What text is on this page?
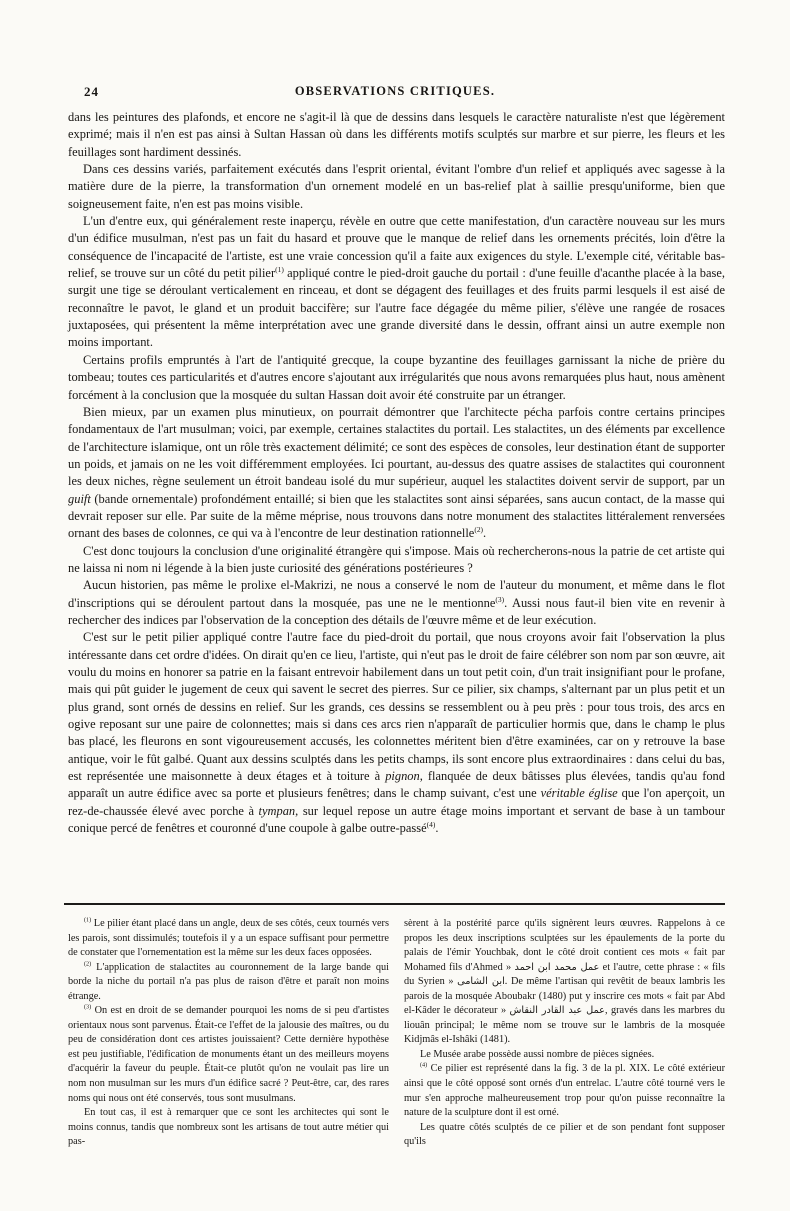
24	OBSERVATIONS CRITIQUES.

dans les peintures des plafonds, et encore ne s'agit-il là que de dessins dans lesquels le caractère naturaliste n'est que légèrement exprimé; mais il n'en est pas ainsi à Sultan Hassan où dans les différents motifs sculptés sur marbre et sur pierre, les fleurs et les feuillages sont hardiment dessinés.

Dans ces dessins variés, parfaitement exécutés dans l'esprit oriental, évitant l'ombre d'un relief et appliqués avec sagesse à la matière dure de la pierre, la transformation d'un ornement modelé en un bas-relief plat à saillie presqu'uniforme, bien que soigneusement faite, n'en est pas moins visible.

L'un d'entre eux, qui généralement reste inaperçu, révèle en outre que cette manifestation, d'un caractère nouveau sur les murs d'un édifice musulman, n'est pas un fait du hasard et prouve que le manque de relief dans les ornements précités, loin d'être la conséquence de l'incapacité de l'artiste, est une vraie concession qu'il a faite aux exigences du style. L'exemple cité, véritable bas-relief, se trouve sur un côté du petit pilier$^{(1)}$ appliqué contre le pied-droit gauche du portail : d'une feuille d'acanthe placée à la base, surgit une tige se déroulant verticalement en rinceau, et dont se dégagent des feuillages et des fruits parmi lesquels il est aisé de reconnaître le pavot, le gland et un produit baccifère; sur l'autre face dégagée du même pilier, s'élève une rangée de rosaces juxtaposées, qui présentent la même interprétation avec une grande diversité dans le dessin, offrant ainsi un autre exemple non moins important.

Certains profils empruntés à l'art de l'antiquité grecque, la coupe byzantine des feuillages garnissant la niche de prière du tombeau; toutes ces particularités et d'autres encore s'ajoutant aux irrégularités que nous avons remarquées plus haut, nous amènent forcément à la conclusion que la mosquée du sultan Hassan doit avoir été construite par un étranger.

Bien mieux, par un examen plus minutieux, on pourrait démontrer que l'architecte pécha parfois contre certains principes fondamentaux de l'art musulman; voici, par exemple, certaines stalactites du portail. Les stalactites, un des éléments par excellence de l'architecture islamique, ont un rôle très exactement délimité; ce sont des espèces de consoles, leur destination étant de supporter un poids, et jamais on ne les voit différemment employées. Ici pourtant, au-dessus des quatre assises de stalactites qui couronnent les deux niches, règne seulement un étroit bandeau isolé du mur supérieur, auquel les stalactites doivent servir de support, par un guift (bande ornementale) profondément entaillé; si bien que les stalactites sont ainsi séparées, sans aucun contact, de la masse qui devrait reposer sur elle. Par suite de la même méprise, nous trouvons dans notre monument des stalactites littéralement renversées ornant des bases de colonnes, ce qui va à l'encontre de leur destination rationnelle$^{(2)}$.

C'est donc toujours la conclusion d'une originalité étrangère qui s'impose. Mais où rechercherons-nous la patrie de cet artiste qui ne laissa ni nom ni légende à la bien juste curiosité des générations postérieures ?

Aucun historien, pas même le prolixe el-Makrizi, ne nous a conservé le nom de l'auteur du monument, et même dans le flot d'inscriptions qui se déroulent partout dans la mosquée, pas une ne le mentionne$^{(3)}$. Aussi nous faut-il bien vite en revenir à rechercher des indices par l'observation de la conception des détails de l'œuvre même et de leur exécution.

C'est sur le petit pilier appliqué contre l'autre face du pied-droit du portail, que nous croyons avoir fait l'observation la plus intéressante dans cet ordre d'idées. On dirait qu'en ce lieu, l'artiste, qui n'eut pas le droit de faire célébrer son nom par son œuvre, ait voulu du moins en honorer sa patrie en la faisant entrevoir habilement dans un tout petit coin, d'un trait insignifiant pour le profane, mais qui pût guider le jugement de ceux qui savent le secret des pierres. Sur ce pilier, six champs, s'alternant par un plus petit et un plus grand, sont ornés de dessins en relief. Sur les grands, ces dessins se ressemblent ou à peu près : pour tous trois, des arcs en ogive reposant sur une paire de colonnettes; mais si dans ces arcs rien n'apparaît de particulier hormis que, dans le champ le plus bas placé, les fleurons en sont vigoureusement accusés, les colonnettes méritent bien d'être examinées, car on y retrouve la base antique, voir le fût galbé. Quant aux dessins sculptés dans les petits champs, ils sont encore plus extraordinaires : dans celui du bas, est représentée une maisonnette à deux étages et à toiture à pignon, flanquée de deux bâtisses plus élevées, tandis qu'au fond apparaît un autre édifice avec sa porte et plusieurs fenêtres; dans le champ suivant, c'est une véritable église que l'on aperçoit, un rez-de-chaussée élevé avec porche à tympan, sur lequel repose un autre étage moins important et servant de base à un tambour conique percé de fenêtres et couronné d'une coupole à galbe outre-passé$^{(4)}$.

$^{(1)}$ Le pilier étant placé dans un angle, deux de ses côtés, ceux tournés vers les parois, sont dissimulés; toutefois il y a un espace suffisant pour permettre de constater que l'ornementation est la même sur les deux faces opposées.

$^{(2)}$ L'application de stalactites au couronnement de la large bande qui borde la niche du portail n'a pas plus de raison d'être et paraît non moins étrange.

$^{(3)}$ On est en droit de se demander pourquoi les noms de si peu d'artistes orientaux nous sont parvenus. Était-ce l'effet de la jalousie des maîtres, ou du peu de considération dont ces artistes jouissaient? Cette dernière hypothèse est peu justifiable, l'édification de monuments étant un des meilleurs moyens d'acquérir la faveur du peuple. Était-ce plutôt qu'on ne voulait pas lire un nom non musulman sur les murs d'un édifice sacré ? Peut-être, car, des rares noms qui nous ont été conservés, tous sont musulmans.

En tout cas, il est à remarquer que ce sont les architectes qui sont le moins connus, tandis que nombreux sont les artisans de tout autre métier qui pas-

sèrent à la postérité parce qu'ils signèrent leurs œuvres. Rappelons à ce propos les deux inscriptions sculptées sur les épaulements de la porte du palais de l'émir Youchbak, dont le côté droit contient ces mots « fait par Mohamed fils d'Ahmed » عمل محمد ابن احمد et l'autre, cette phrase : « fils du Syrien » ابن الشامى. De même l'artisan qui revêtit de beaux lambris les parois de la mosquée Aboubakr (1480) put y inscrire ces mots « fait par Abd el-Kâder le décorateur » عمل عبد القادر النقاش, gravés dans les marbres du liouân principal; le même nom se trouve sur le lambris de la mosquée Kidjmâs el-Ishâki (1481).

Le Musée arabe possède aussi nombre de pièces signées.

$^{(4)}$ Ce pilier est représenté dans la fig. 3 de la pl. XIX. Le côté extérieur ainsi que le côté opposé sont ornés d'un entrelac. L'autre côté tourné vers le mur s'en approche malheureusement trop pour qu'on puisse reconnaître la nature de la sculpture dont il est orné.

Les quatre côtés sculptés de ce pilier et de son pendant font supposer qu'ils
